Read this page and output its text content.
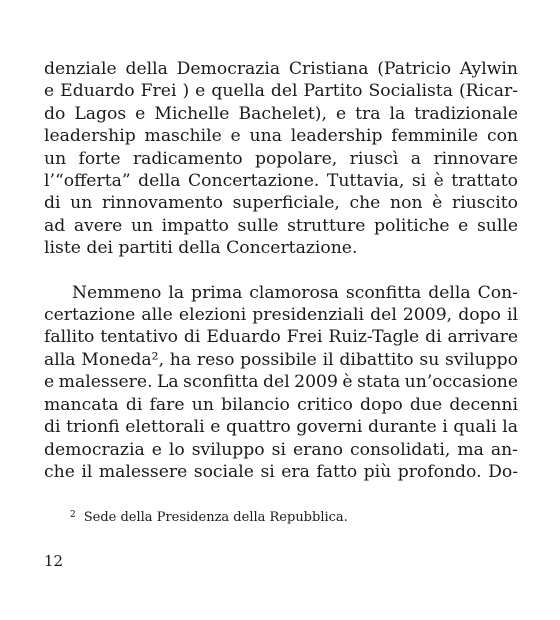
denziale della Democrazia Cristiana (Patricio Aylwin
e Eduardo Frei ) e quella del Partito Socialista (Ricar-
do Lagos e Michelle Bachelet), e tra la tradizionale
leadership maschile e una leadership femminile con
un forte radicamento popolare, riuscì a rinnovare
l’“offerta” della Concertazione. Tuttavia, si è trattato
di un rinnovamento superficiale, che non è riuscito
ad avere un impatto sulle strutture politiche e sulle
liste dei partiti della Concertazione.

Nemmeno la prima clamorosa sconfitta della Con-
certazione alle elezioni presidenziali del 2009, dopo il
fallito tentativo di Eduardo Frei Ruiz-Tagle di arrivare
alla Moneda², ha reso possibile il dibattito su sviluppo
e malessere. La sconfitta del 2009 è stata un’occasione
mancata di fare un bilancio critico dopo due decenni
di trionfi elettorali e quattro governi durante i quali la
democrazia e lo sviluppo si erano consolidati, ma an-
che il malessere sociale si era fatto più profondo. Do-

$^2$ Sede della Presidenza della Repubblica.
12
